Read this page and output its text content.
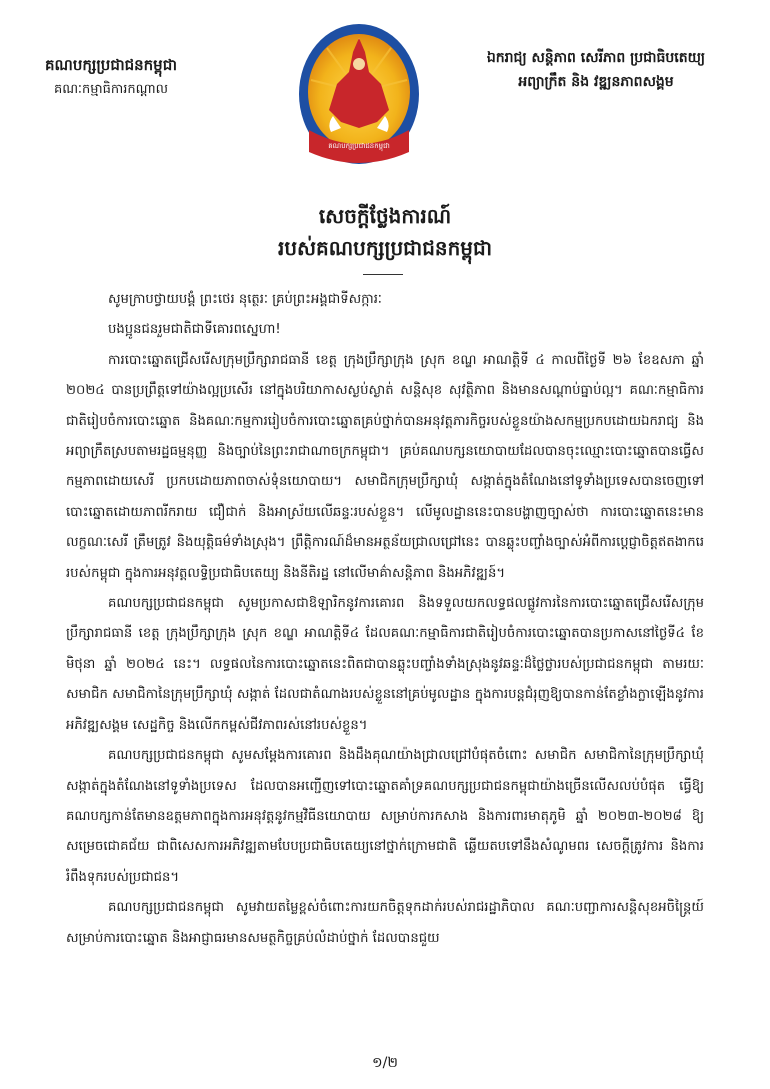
គណបក្សប្រជាជនកម្ពុជា
គណៈកម្មាធិការកណ្ដាល
គណបក្សប្រជាជនកម្ពុជា
ឯករាជ្យ សន្តិភាព សេរីភាព ប្រជាធិបតេយ្យ
អព្យាក្រឹត និង វឌ្ឍនភាពសង្គម
សេចក្ដីថ្លែងការណ៍
របស់គណបក្សប្រជាជនកម្ពុជា

សូមក្រាបថ្វាយបង្គំ ព្រះថេរ នុត្ថេរៈ គ្រប់ព្រះអង្គជាទីសក្ការៈ

បងប្អូនជនរួមជាតិជាទីគោរពស្នេហា!

ការបោះឆ្នោតជ្រើសរើសក្រុមប្រឹក្សារាជធានី ខេត្ត ក្រុងប្រឹក្សាក្រុង ស្រុក ខណ្ឌ អាណត្តិទី ៤ កាលពីថ្ងៃទី ២៦ ខែឧសភា ឆ្នាំ ២០២៤ បានប្រព្រឹត្តទៅយ៉ាងល្អប្រសើរ នៅក្នុងបរិយាកាសស្ងប់ស្ងាត់ សន្តិសុខ សុវត្ថិភាព និងមានសណ្ដាប់ធ្នាប់ល្អ។ គណៈកម្មាធិការជាតិរៀបចំការបោះឆ្នោត និងគណៈកម្មការរៀបចំការបោះឆ្នោតគ្រប់ថ្នាក់បានអនុវត្តភារកិច្ចរបស់ខ្លួនយ៉ាងសកម្មប្រកបដោយឯករាជ្យ និងអព្យាក្រឹតស្របតាមរដ្ឋធម្មនុញ្ញ និងច្បាប់នៃព្រះរាជាណាចក្រកម្ពុជា។ គ្រប់គណបក្សនយោបាយដែលបានចុះឈ្មោះបោះឆ្នោតបានធ្វើសកម្មភាពដោយសេរី ប្រកបដោយភាពចាស់ទុំនយោបាយ។ សមាជិកក្រុមប្រឹក្សាឃុំ សង្កាត់ក្នុងតំណែងនៅទូទាំងប្រទេសបានចេញទៅបោះឆ្នោតដោយភាពរីករាយ ជឿជាក់ និងអាស្រ័យលើឆន្ទៈរបស់ខ្លួន។ លើមូលដ្ឋាននេះបានបង្ហាញច្បាស់ថា ការបោះឆ្នោតនេះមានលក្ខណៈសេរី ត្រឹមត្រូវ និងយុត្តិធម៌ទាំងស្រុង។ ព្រឹត្តិការណ៍ដ៏មានអត្ថន័យជ្រាលជ្រៅនេះ បានឆ្លុះបញ្ចាំងច្បាស់អំពីការប្ដេជ្ញាចិត្តឥតងាករេរបស់កម្ពុជា ក្នុងការអនុវត្តលទ្ធិប្រជាធិបតេយ្យ និងនីតិរដ្ឋ នៅលើមាគ៌ាសន្តិភាព និងអភិវឌ្ឍន៍។

គណបក្សប្រជាជនកម្ពុជា សូមប្រកាសជាឱឡារិកនូវការគោរព និងទទួលយកលទ្ធផលផ្លូវការនៃការបោះឆ្នោតជ្រើសរើសក្រុមប្រឹក្សារាជធានី ខេត្ត ក្រុងប្រឹក្សាក្រុង ស្រុក ខណ្ឌ អាណត្តិទី៤ ដែលគណៈកម្មាធិការជាតិរៀបចំការបោះឆ្នោតបានប្រកាសនៅថ្ងៃទី៤ ខែមិថុនា ឆ្នាំ ២០២៤ នេះ។ លទ្ធផលនៃការបោះឆ្នោតនេះពិតជាបានឆ្លុះបញ្ចាំងទាំងស្រុងនូវឆន្ទៈដ៏ថ្លៃថ្លារបស់ប្រជាជនកម្ពុជា តាមរយៈសមាជិក សមាជិកានៃក្រុមប្រឹក្សាឃុំ សង្កាត់ ដែលជាតំណាងរបស់ខ្លួននៅគ្រប់មូលដ្ឋាន ក្នុងការបន្តជំរុញឱ្យបានកាន់តែខ្លាំងក្លាឡើងនូវការអភិវឌ្ឍសង្គម សេដ្ឋកិច្ច និងលើកកម្ពស់ជីវភាពរស់នៅរបស់ខ្លួន។

គណបក្សប្រជាជនកម្ពុជា សូមសម្ដែងការគោរព និងដឹងគុណយ៉ាងជ្រាលជ្រៅបំផុតចំពោះ សមាជិក សមាជិកានៃក្រុមប្រឹក្សាឃុំ សង្កាត់ក្នុងតំណែងនៅទូទាំងប្រទេស ដែលបានអញ្ជើញទៅបោះឆ្នោតគាំទ្រគណបក្សប្រជាជនកម្ពុជាយ៉ាងច្រើនលើសលប់បំផុត ធ្វើឱ្យគណបក្សកាន់តែមានឧត្តមភាពក្នុងការអនុវត្តនូវកម្មវិធីនយោបាយ សម្រាប់ការកសាង និងការពារមាតុភូមិ ឆ្នាំ ២០២៣-២០២៨ ឱ្យសម្រេចជោគជ័យ ជាពិសេសការអភិវឌ្ឍតាមបែបប្រជាធិបតេយ្យនៅថ្នាក់ក្រោមជាតិ ឆ្លើយតបទៅនឹងសំណូមពរ សេចក្ដីត្រូវការ និងការរំពឹងទុករបស់ប្រជាជន។

គណបក្សប្រជាជនកម្ពុជា សូមវាយតម្លៃខ្ពស់ចំពោះការយកចិត្តទុកដាក់របស់រាជរដ្ឋាភិបាល គណៈបញ្ជាការសន្តិសុខអចិន្ត្រៃយ៍សម្រាប់ការបោះឆ្នោត និងអាជ្ញាធរមានសមត្ថកិច្ចគ្រប់លំដាប់ថ្នាក់ ដែលបានជួយ

១/២
